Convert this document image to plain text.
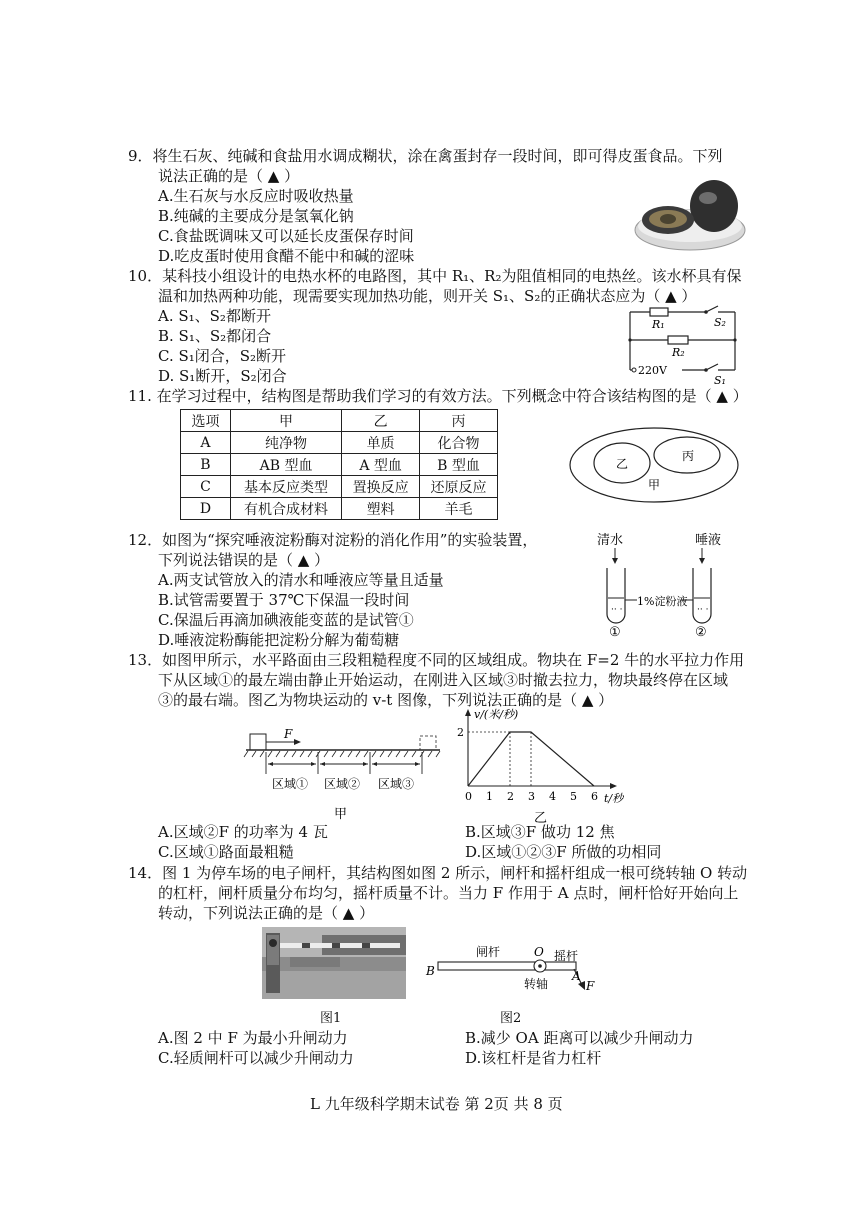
9．将生石灰、纯碱和食盐用水调成糊状，涂在禽蛋封存一段时间，即可得皮蛋食品。下列
说法正确的是（ ▲ ）
A.生石灰与水反应时吸收热量
B.纯碱的主要成分是氢氧化钠
C.食盐既调味又可以延长皮蛋保存时间
D.吃皮蛋时使用食醋不能中和碱的涩味
10．某科技小组设计的电热水杯的电路图，其中 R₁、R₂为阻值相同的电热丝。该水杯具有保
温和加热两种功能，现需要实现加热功能，则开关 S₁、S₂的正确状态应为（ ▲ ）
A. S₁、S₂都断开
B. S₁、S₂都闭合
C. S₁闭合，S₂断开
D. S₁断开，S₂闭合
R₁
R₂
S₂
S₁
220V
11. 在学习过程中，结构图是帮助我们学习的有效方法。下列概念中符合该结构图的是（ ▲ ）
选项	甲	乙	丙
A	纯净物	单质	化合物
B	AB 型血	A 型血	B 型血
C	基本反应类型	置换反应	还原反应
D	有机合成材料	塑料	羊毛
乙
丙
甲
12．如图为“探究唾液淀粉酶对淀粉的消化作用”的实验装置，
下列说法错误的是（ ▲ ）
A.两支试管放入的清水和唾液应等量且适量
B.试管需要置于 37℃下保温一段时间
C.保温后再滴加碘液能变蓝的是试管①
D.唾液淀粉酶能把淀粉分解为葡萄糖
清水	唾液
·· ·	·· ·
1%淀粉液
①	②
13．如图甲所示，水平路面由三段粗糙程度不同的区域组成。物块在 F=2 牛的水平拉力作用
下从区域①的最左端由静止开始运动，在刚进入区域③时撤去拉力，物块最终停在区域
③的最右端。图乙为物块运动的 v-t 图像，下列说法正确的是（ ▲ ）
F
区域① 区域② 区域③
甲
v/(米/秒)
t/秒
0 1 2 3 4 5 6
2
乙
A.区域②F 的功率为 4 瓦	B.区域③F 做功 12 焦
C.区域①路面最粗糙	D.区域①②③F 所做的功相同
14．图 1 为停车场的电子闸杆，其结构图如图 2 所示，闸杆和摇杆组成一根可绕转轴 O 转动
的杠杆，闸杆质量分布均匀，摇杆质量不计。当力 F 作用于 A 点时，闸杆恰好开始向上
转动，下列说法正确的是（ ▲ ）
图1
B
闸杆	O 摇杆
A
F
转轴
图2
A.图 2 中 F 为最小升闸动力	B.减少 OA 距离可以减少升闸动力
C.轻质闸杆可以减少升闸动力	D.该杠杆是省力杠杆
L 九年级科学期末试卷 第 2页 共 8 页
